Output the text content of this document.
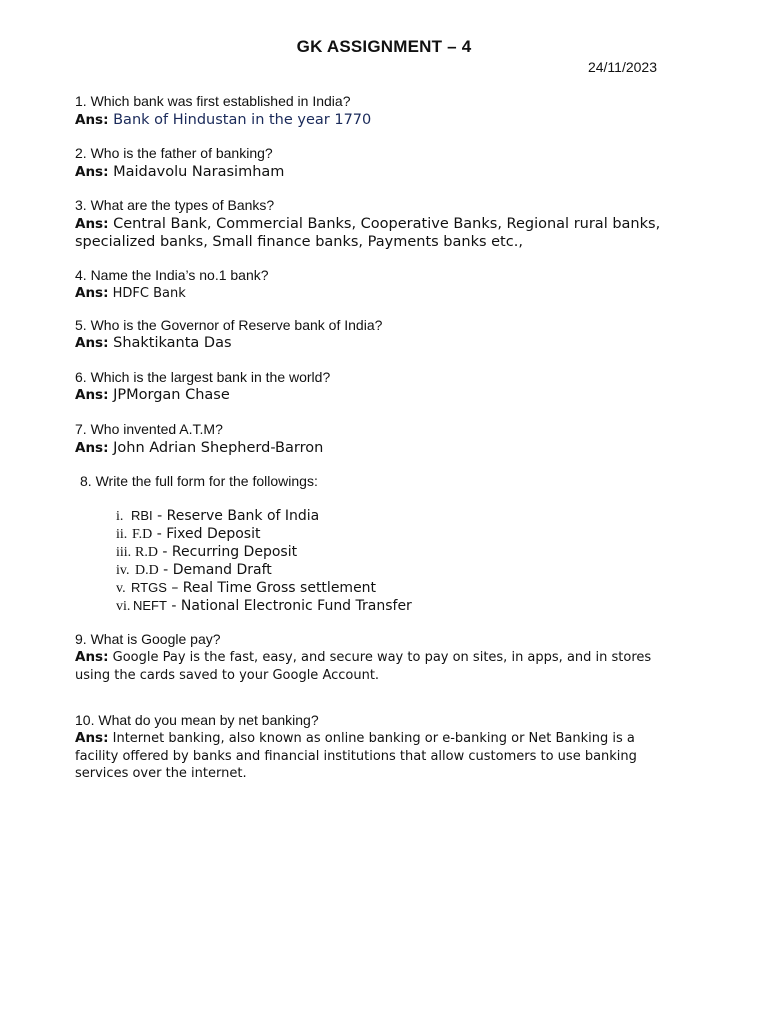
GK ASSIGNMENT – 4
24/11/2023
1. Which bank was first established in India?
Ans: Bank of Hindustan in the year 1770
2. Who is the father of banking?
Ans: Maidavolu Narasimham
3. What are the types of Banks?
Ans: Central Bank, Commercial Banks, Cooperative Banks, Regional rural banks, specialized banks, Small finance banks, Payments banks etc.,
4. Name the India’s no.1 bank?
Ans: HDFC Bank
5. Who is the Governor of Reserve bank of India?
Ans: Shaktikanta Das
6. Which is the largest bank in the world?
Ans: JPMorgan Chase
7. Who invented A.T.M?
Ans: John Adrian Shepherd-Barron
8. Write the full form for the followings:
i. RBI - Reserve Bank of India
ii. F.D - Fixed Deposit
iii. R.D - Recurring Deposit
iv. D.D - Demand Draft
v. RTGS – Real Time Gross settlement
vi. NEFT - National Electronic Fund Transfer
9. What is Google pay?
Ans: Google Pay is the fast, easy, and secure way to pay on sites, in apps, and in stores using the cards saved to your Google Account.
10. What do you mean by net banking?
Ans: Internet banking, also known as online banking or e-banking or Net Banking is a facility offered by banks and financial institutions that allow customers to use banking services over the internet.
